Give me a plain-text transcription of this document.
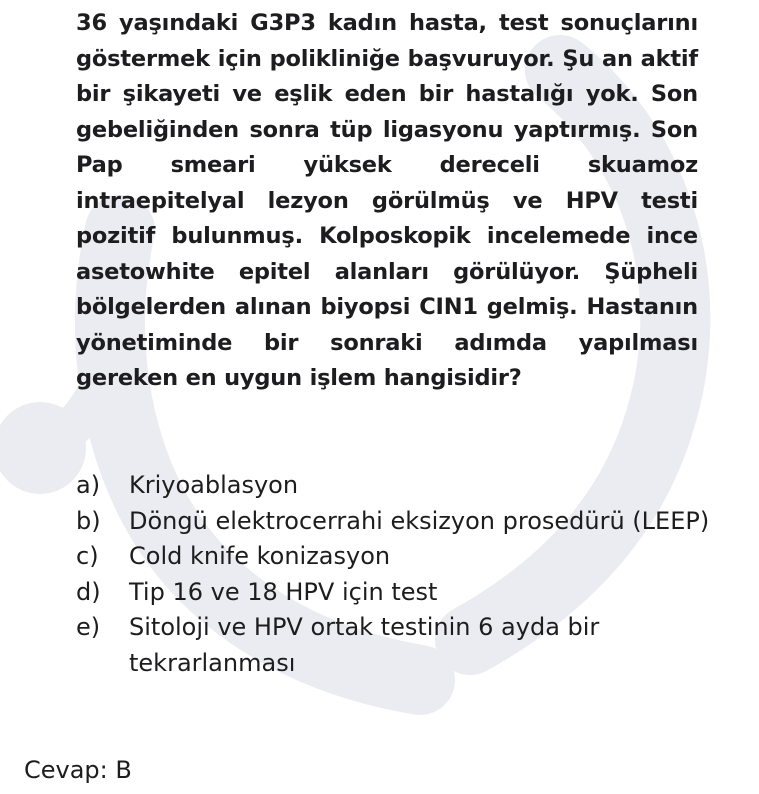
36 yaşındaki G3P3 kadın hasta, test sonuçlarını göstermek için polikliniğe başvuruyor. Şu an aktif bir şikayeti ve eşlik eden bir hastalığı yok. Son gebeliğinden sonra tüp ligasyonu yaptırmış. Son Pap smeari yüksek dereceli skuamoz intraepitelyal lezyon görülmüş ve HPV testi pozitif bulunmuş. Kolposkopik incelemede ince asetowhite epitel alanları görülüyor. Şüpheli bölgelerden alınan biyopsi CIN1 gelmiş. Hastanın yönetiminde bir sonraki adımda yapılması gereken en uygun işlem hangisidir?

a)	Kriyoablasyon
b)	Döngü elektrocerrahi eksizyon prosedürü (LEEP)
c)	Cold knife konizasyon
d)	Tip 16 ve 18 HPV için test
e)	Sitoloji ve HPV ortak testinin 6 ayda bir tekrarlanması

Cevap: B
